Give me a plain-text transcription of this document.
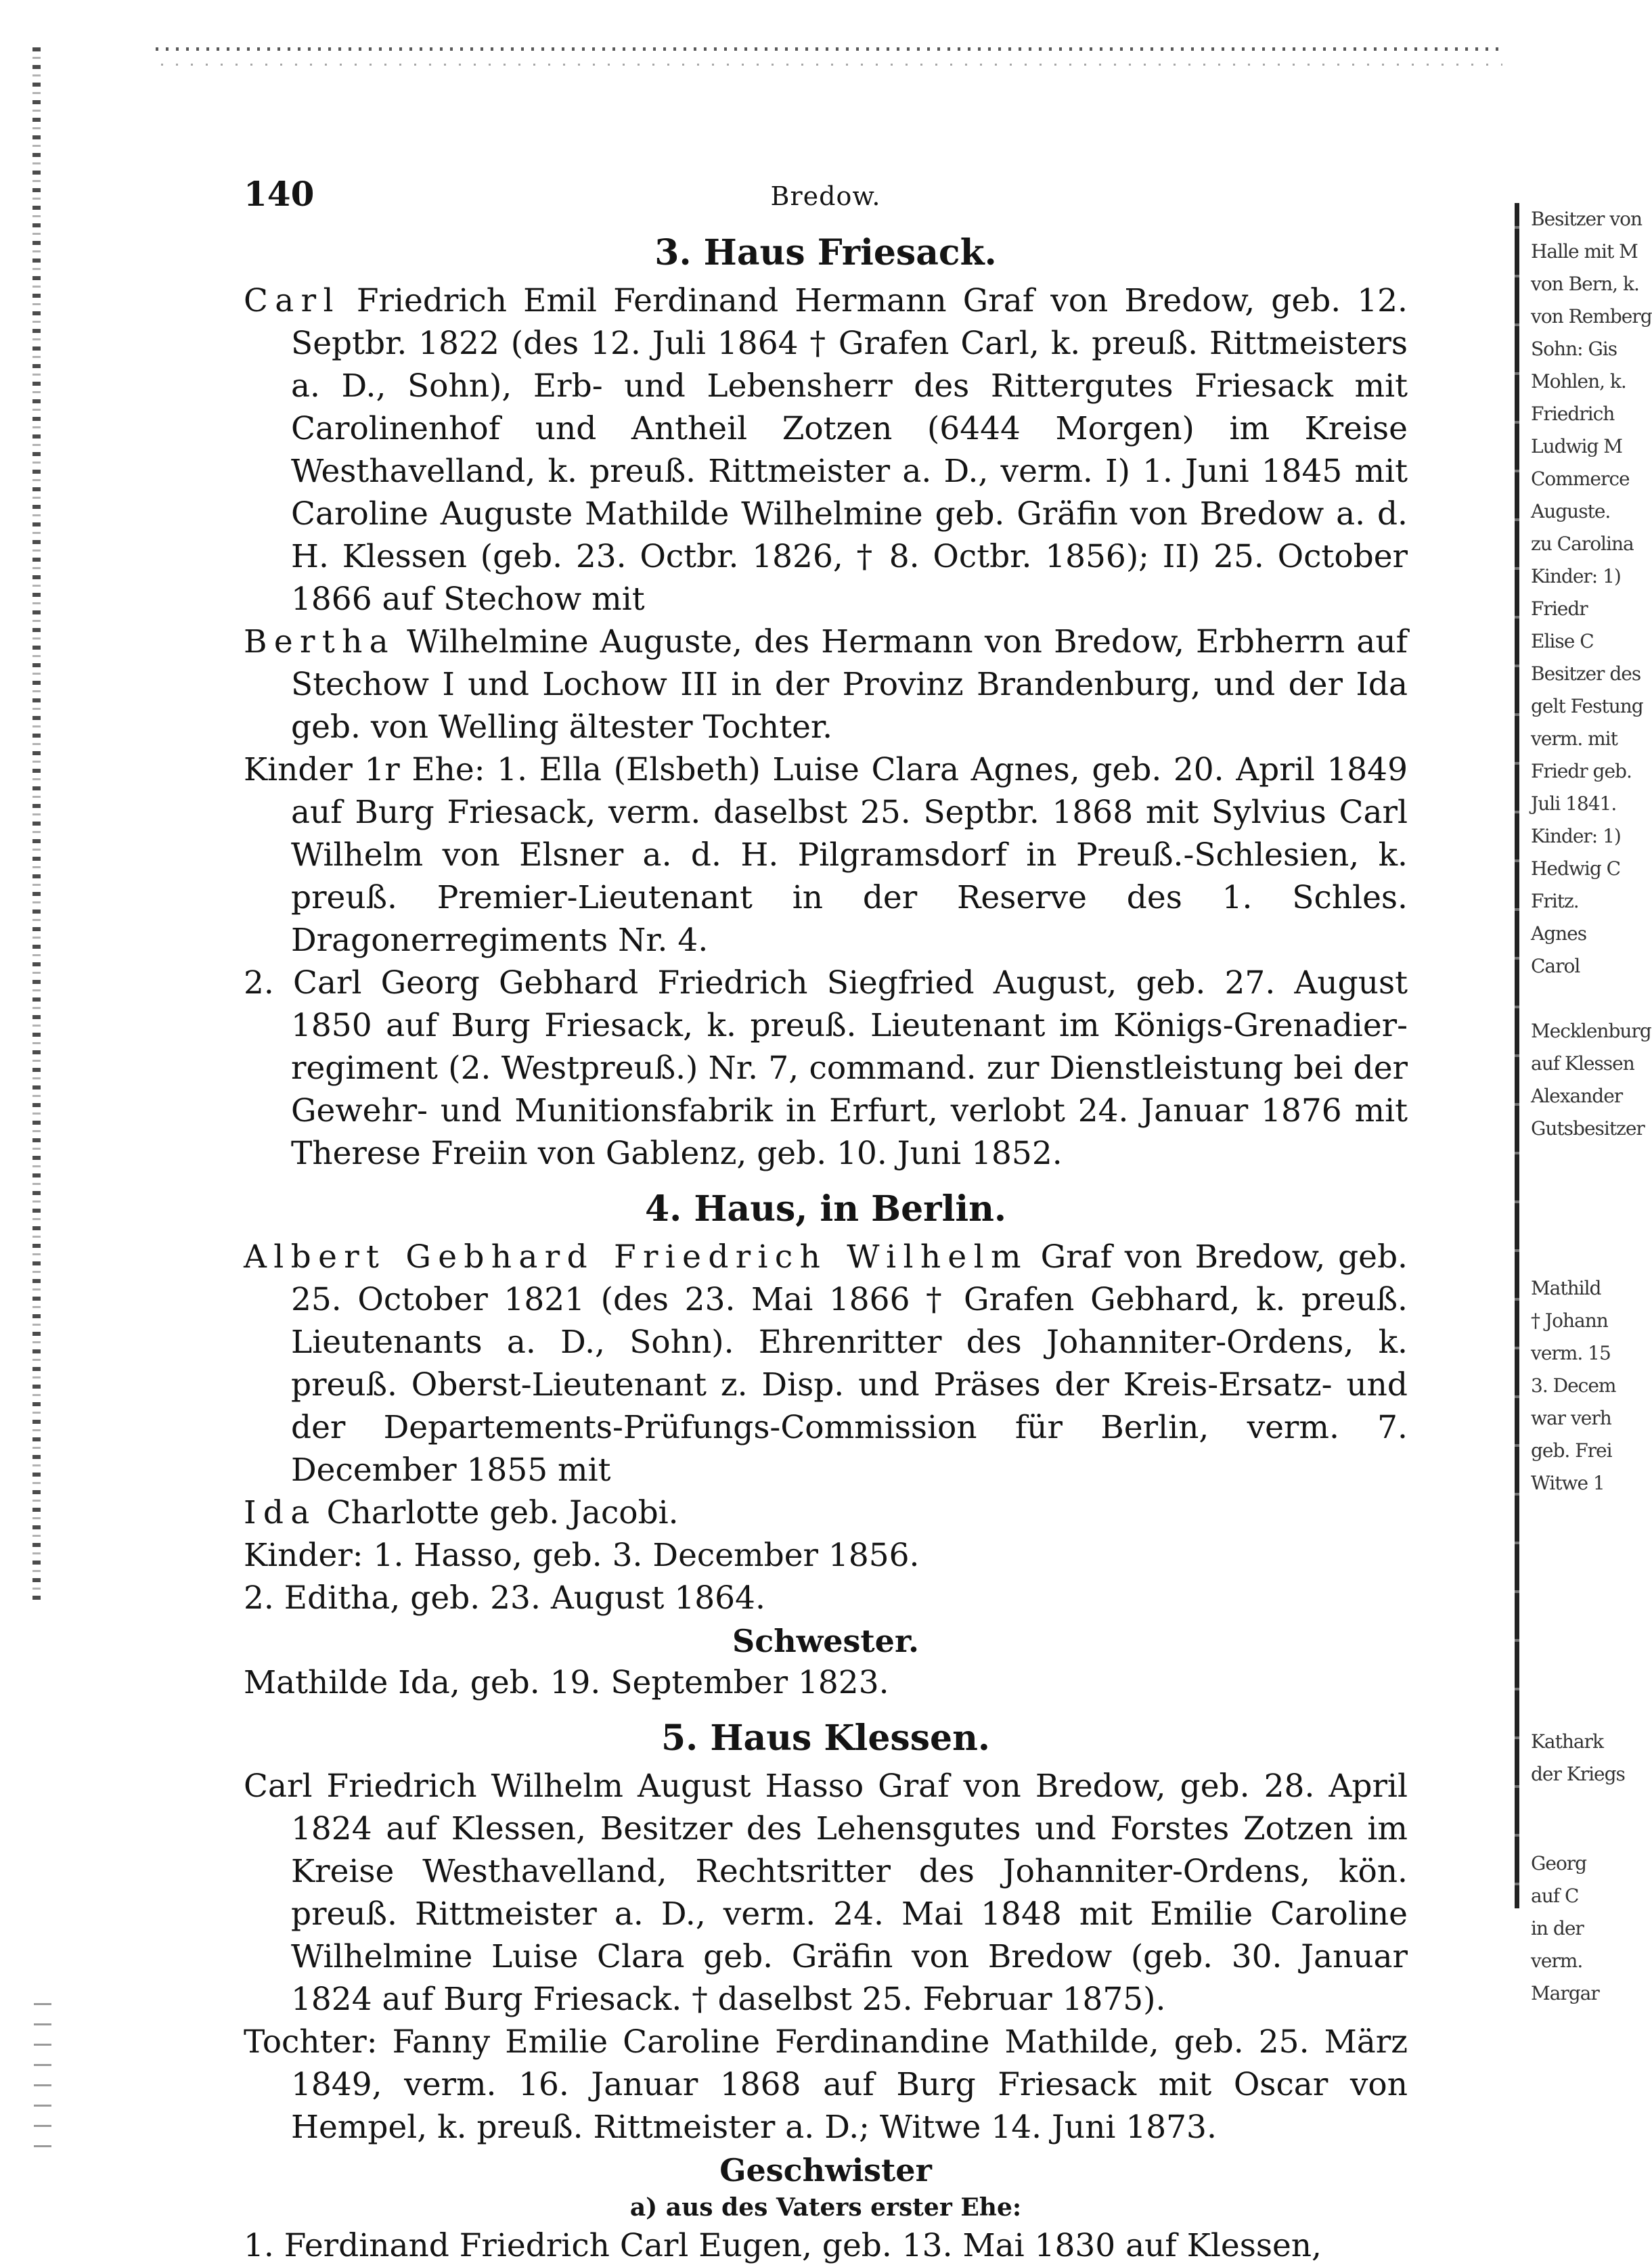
Besitzer von
Halle mit M
von Bern, k.
von Remberg
Sohn: Gis
Mohlen, k.
Friedrich
Ludwig M
Commerce
Auguste.
zu Carolina
Kinder: 1)
Friedr
Elise C
Besitzer des
gelt Festung
verm. mit
Friedr geb.
Juli 1841.
Kinder: 1)
Hedwig C
Fritz.
Agnes
Carol
Mecklenburg
auf Klessen
Alexander
Gutsbesitzer
Mathild
† Johann
verm. 15
3. Decem
war verh
geb. Frei
Witwe 1
Kathark
der Kriegs
Georg
auf C
in der
verm.
Margar
140	Bredow.
3. Haus Friesack.

Carl Friedrich Emil Ferdinand Hermann Graf von Bredow, geb. 12. Septbr. 1822 (des 12. Juli 1864 † Grafen Carl, k. preuß. Rittmeisters a. D., Sohn), Erb- und Lebensherr des Rittergutes Friesack mit Carolinenhof und Antheil Zotzen (6444 Morgen) im Kreise Westhavelland, k. preuß. Rittmeister a. D., verm. I) 1. Juni 1845 mit Caroline Auguste Mathilde Wilhelmine geb. Gräfin von Bredow a. d. H. Klessen (geb. 23. Octbr. 1826, † 8. Octbr. 1856); II) 25. October 1866 auf Stechow mit

Bertha Wilhelmine Auguste, des Hermann von Bredow, Erbherrn auf Stechow I und Lochow III in der Provinz Brandenburg, und der Ida geb. von Welling ältester Tochter.

Kinder 1r Ehe: 1. Ella (Elsbeth) Luise Clara Agnes, geb. 20. April 1849 auf Burg Friesack, verm. daselbst 25. Septbr. 1868 mit Sylvius Carl Wilhelm von Elsner a. d. H. Pilgramsdorf in Preuß.-Schlesien, k. preuß. Premier-Lieutenant in der Reserve des 1. Schles. Dragonerregiments Nr. 4.

2. Carl Georg Gebhard Friedrich Siegfried August, geb. 27. August 1850 auf Burg Friesack, k. preuß. Lieutenant im Königs-Grenadier-regiment (2. Westpreuß.) Nr. 7, command. zur Dienstleistung bei der Gewehr- und Munitionsfabrik in Erfurt, verlobt 24. Januar 1876 mit Therese Freiin von Gablenz, geb. 10. Juni 1852.

4. Haus, in Berlin.

Albert Gebhard Friedrich Wilhelm Graf von Bredow, geb. 25. October 1821 (des 23. Mai 1866 † Grafen Gebhard, k. preuß. Lieutenants a. D., Sohn). Ehrenritter des Johanniter-Ordens, k. preuß. Oberst-Lieutenant z. Disp. und Präses der Kreis-Ersatz- und der Departements-Prüfungs-Commission für Berlin, verm. 7. December 1855 mit

Ida Charlotte geb. Jacobi.

Kinder: 1. Hasso, geb. 3. December 1856.

2. Editha, geb. 23. August 1864.

Schwester.

Mathilde Ida, geb. 19. September 1823.

5. Haus Klessen.

Carl Friedrich Wilhelm August Hasso Graf von Bredow, geb. 28. April 1824 auf Klessen, Besitzer des Lehensgutes und Forstes Zotzen im Kreise Westhavelland, Rechtsritter des Johanniter-Ordens, kön. preuß. Rittmeister a. D., verm. 24. Mai 1848 mit Emilie Caroline Wilhelmine Luise Clara geb. Gräfin von Bredow (geb. 30. Januar 1824 auf Burg Friesack. † daselbst 25. Februar 1875).

Tochter: Fanny Emilie Caroline Ferdinandine Mathilde, geb. 25. März 1849, verm. 16. Januar 1868 auf Burg Friesack mit Oscar von Hempel, k. preuß. Rittmeister a. D.; Witwe 14. Juni 1873.

Geschwister
a) aus des Vaters erster Ehe:

1. Ferdinand Friedrich Carl Eugen, geb. 13. Mai 1830 auf Klessen,
